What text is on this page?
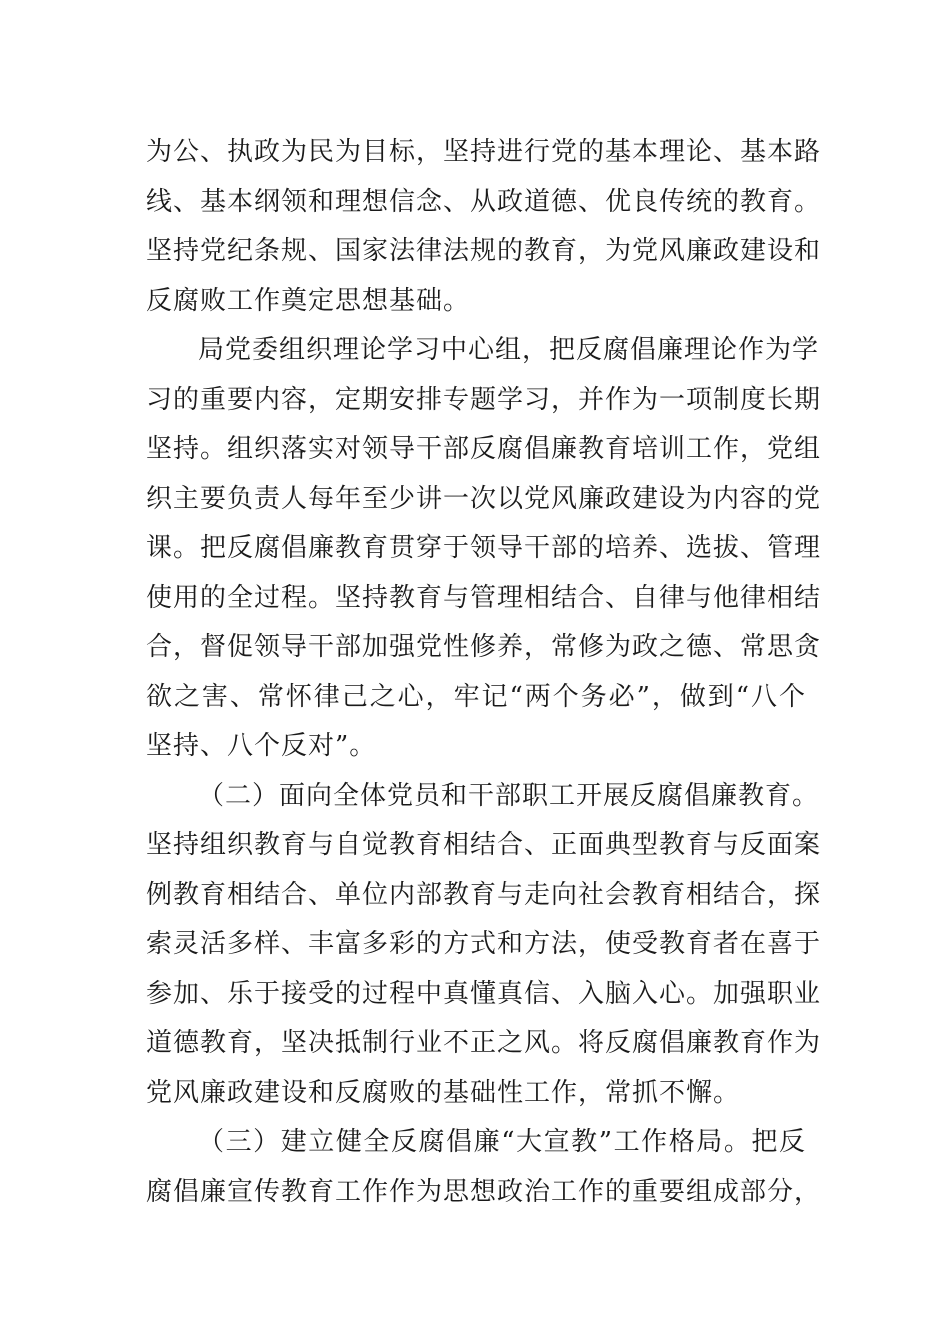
为公、执政为民为目标，坚持进行党的基本理论、基本路
线、基本纲领和理想信念、从政道德、优良传统的教育。
坚持党纪条规、国家法律法规的教育，为党风廉政建设和
反腐败工作奠定思想基础。
局党委组织理论学习中心组，把反腐倡廉理论作为学
习的重要内容，定期安排专题学习，并作为一项制度长期
坚持。组织落实对领导干部反腐倡廉教育培训工作，党组
织主要负责人每年至少讲一次以党风廉政建设为内容的党
课。把反腐倡廉教育贯穿于领导干部的培养、选拔、管理
使用的全过程。坚持教育与管理相结合、自律与他律相结
合，督促领导干部加强党性修养，常修为政之德、常思贪
欲之害、常怀律己之心，牢记“两个务必”，做到“八个
坚持、八个反对”。
（二）面向全体党员和干部职工开展反腐倡廉教育。
坚持组织教育与自觉教育相结合、正面典型教育与反面案
例教育相结合、单位内部教育与走向社会教育相结合，探
索灵活多样、丰富多彩的方式和方法，使受教育者在喜于
参加、乐于接受的过程中真懂真信、入脑入心。加强职业
道德教育，坚决抵制行业不正之风。将反腐倡廉教育作为
党风廉政建设和反腐败的基础性工作，常抓不懈。
（三）建立健全反腐倡廉“大宣教”工作格局。把反
腐倡廉宣传教育工作作为思想政治工作的重要组成部分，
